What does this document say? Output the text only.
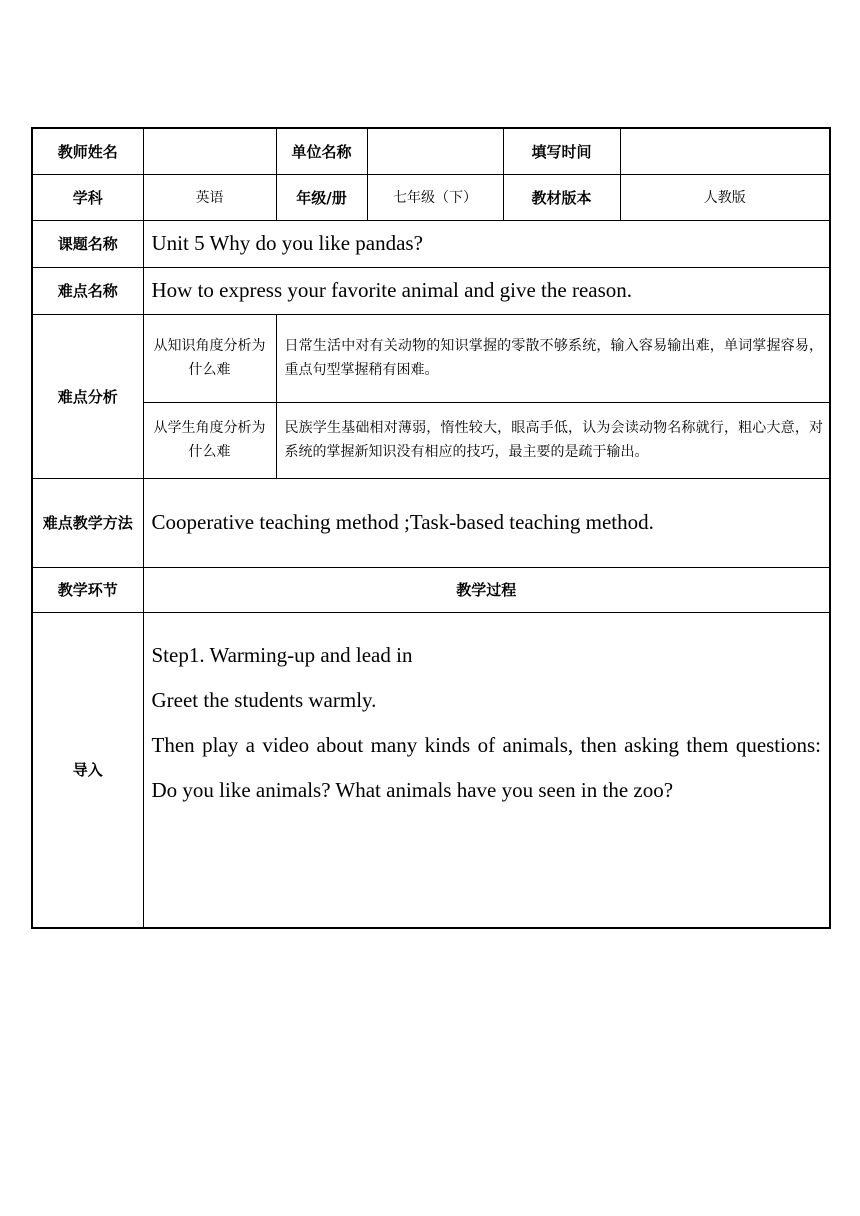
教师姓名		单位名称		填写时间	
学科	英语	年级/册	七年级（下）	教材版本	人教版
课题名称	Unit 5 Why do you like pandas?				
难点名称	How to express your favorite animal and give the reason.				
难点分析	从知识角度分析为什么难	日常生活中对有关动物的知识掌握的零散不够系统，输入容易输出难，单词掌握容易，重点句型掌握稍有困难。			
	从学生角度分析为什么难	民族学生基础相对薄弱，惰性较大，眼高手低，认为会读动物名称就行，粗心大意，对系统的掌握新知识没有相应的技巧，最主要的是疏于输出。			
难点教学方法	Cooperative teaching method ;Task-based teaching method.				
教学环节	教学过程				
导入	Step1. Warming-up and lead in

Greet the students warmly.

Then play a video about many kinds of animals, then asking them questions: Do you like animals? What animals have you seen in the zoo?				
